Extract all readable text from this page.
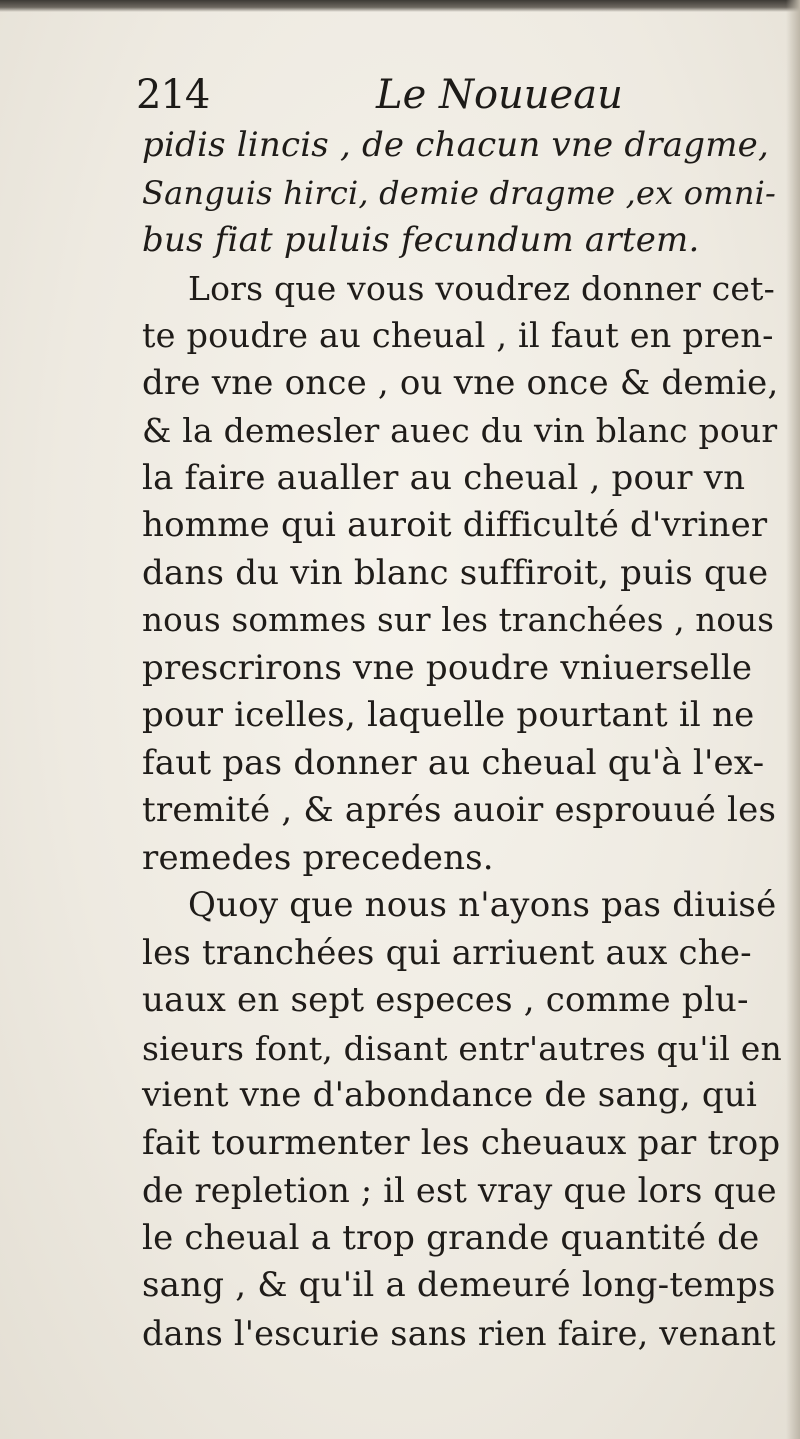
214	Le Nouueau
pidis lincis , de chacun vne dragme,
Sanguis hirci, demie dragme ,ex omni-
bus fiat puluis fecundum artem.
Lors que vous voudrez donner cet-
te poudre au cheual , il faut en pren-
dre vne once , ou vne once & demie,
& la demesler auec du vin blanc pour
la faire aualler au cheual , pour vn
homme qui auroit difficulté d'vriner
dans du vin blanc suffiroit, puis que
nous sommes sur les tranchées , nous
prescrirons vne poudre vniuerselle
pour icelles, laquelle pourtant il ne
faut pas donner au cheual qu'à l'ex-
tremité , & aprés auoir esprouué les
remedes precedens.
Quoy que nous n'ayons pas diuisé
les tranchées qui arriuent aux che-
uaux en sept especes , comme plu-
sieurs font, disant entr'autres qu'il en
vient vne d'abondance de sang, qui
fait tourmenter les cheuaux par trop
de repletion ; il est vray que lors que
le cheual a trop grande quantité de
sang , & qu'il a demeuré long-temps
dans l'escurie sans rien faire, venant
